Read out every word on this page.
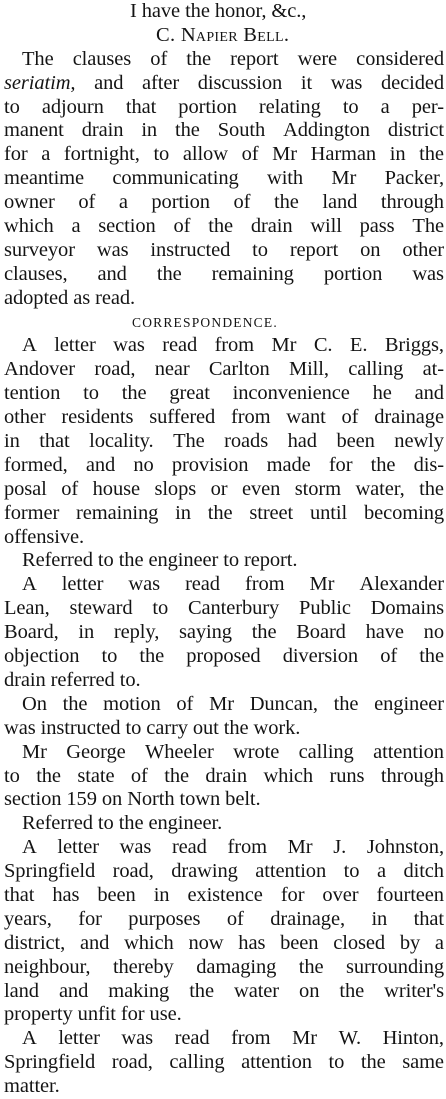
I have the honor, &c.,
C. Napier Bell.
The clauses of the report were considered
seriatim, and after discussion it was decided
to adjourn that portion relating to a per-
manent drain in the South Addington district
for a fortnight, to allow of Mr Harman in the
meantime communicating with Mr Packer,
owner of a portion of the land through
which a section of the drain will pass The
surveyor was instructed to report on other
clauses, and the remaining portion was
adopted as read.
CORRESPONDENCE.
A letter was read from Mr C. E. Briggs,
Andover road, near Carlton Mill, calling at-
tention to the great inconvenience he and
other residents suffered from want of drainage
in that locality. The roads had been newly
formed, and no provision made for the dis-
posal of house slops or even storm water, the
former remaining in the street until becoming
offensive.
Referred to the engineer to report.
A letter was read from Mr Alexander
Lean, steward to Canterbury Public Domains
Board, in reply, saying the Board have no
objection to the proposed diversion of the
drain referred to.
On the motion of Mr Duncan, the engineer
was instructed to carry out the work.
Mr George Wheeler wrote calling attention
to the state of the drain which runs through
section 159 on North town belt.
Referred to the engineer.
A letter was read from Mr J. Johnston,
Springfield road, drawing attention to a ditch
that has been in existence for over fourteen
years, for purposes of drainage, in that
district, and which now has been closed by a
neighbour, thereby damaging the surrounding
land and making the water on the writer's
property unfit for use.
A letter was read from Mr W. Hinton,
Springfield road, calling attention to the same
matter.
